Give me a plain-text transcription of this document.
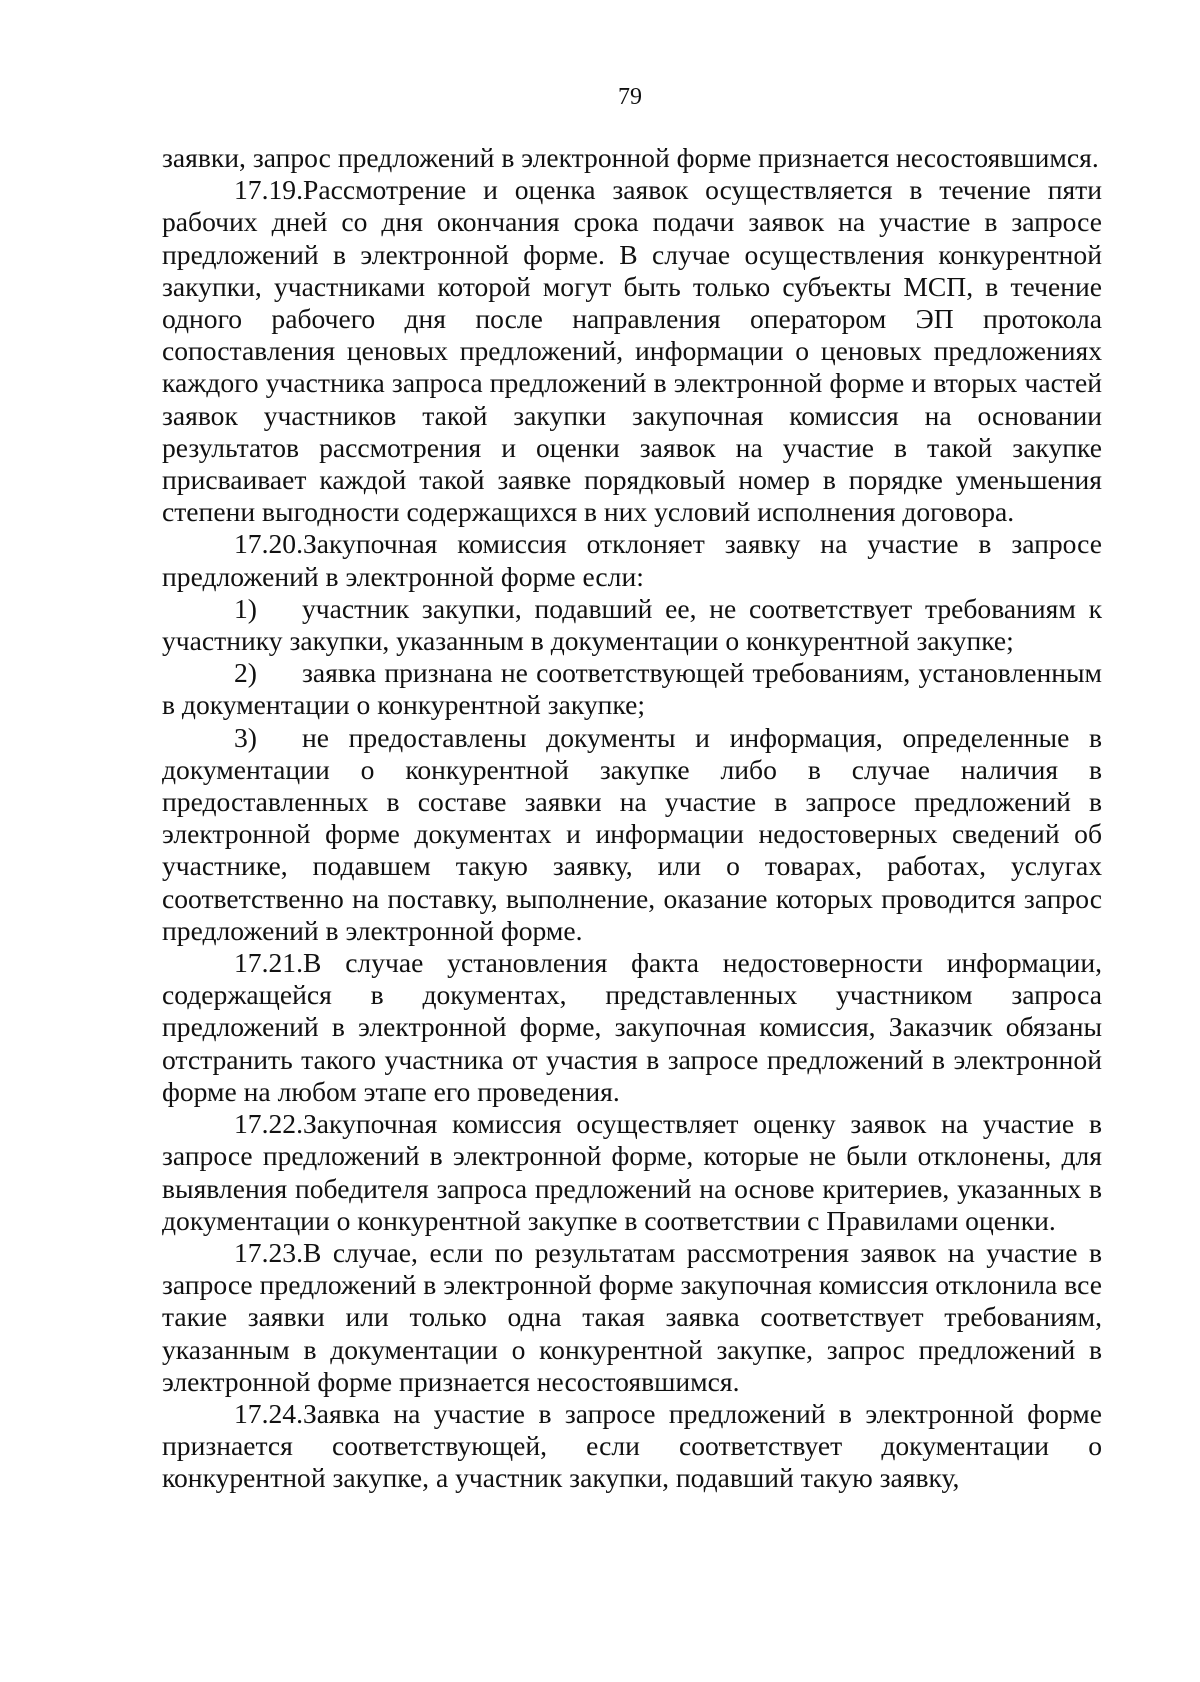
79

заявки, запрос предложений в электронной форме признается несостоявшимся.

17.19.Рассмотрение и оценка заявок осуществляется в течение пяти рабочих дней со дня окончания срока подачи заявок на участие в запросе предложений в электронной форме. В случае осуществления конкурентной закупки, участниками которой могут быть только субъекты МСП, в течение одного рабочего дня после направления оператором ЭП протокола сопоставления ценовых предложений, информации о ценовых предложениях каждого участника запроса предложений в электронной форме и вторых частей заявок участников такой закупки закупочная комиссия на основании результатов рассмотрения и оценки заявок на участие в такой закупке присваивает каждой такой заявке порядковый номер в порядке уменьшения степени выгодности содержащихся в них условий исполнения договора.

17.20.Закупочная комиссия отклоняет заявку на участие в запросе предложений в электронной форме если:

1) участник закупки, подавший ее, не соответствует требованиям к участнику закупки, указанным в документации о конкурентной закупке;

2) заявка признана не соответствующей требованиям, установленным в документации о конкурентной закупке;

3) не предоставлены документы и информация, определенные в документации о конкурентной закупке либо в случае наличия в предоставленных в составе заявки на участие в запросе предложений в электронной форме документах и информации недостоверных сведений об участнике, подавшем такую заявку, или о товарах, работах, услугах соответственно на поставку, выполнение, оказание которых проводится запрос предложений в электронной форме.

17.21.В случае установления факта недостоверности информации, содержащейся в документах, представленных участником запроса предложений в электронной форме, закупочная комиссия, Заказчик обязаны отстранить такого участника от участия в запросе предложений в электронной форме на любом этапе его проведения.

17.22.Закупочная комиссия осуществляет оценку заявок на участие в запросе предложений в электронной форме, которые не были отклонены, для выявления победителя запроса предложений на основе критериев, указанных в документации о конкурентной закупке в соответствии с Правилами оценки.

17.23.В случае, если по результатам рассмотрения заявок на участие в запросе предложений в электронной форме закупочная комиссия отклонила все такие заявки или только одна такая заявка соответствует требованиям, указанным в документации о конкурентной закупке, запрос предложений в электронной форме признается несостоявшимся.

17.24.Заявка на участие в запросе предложений в электронной форме признается соответствующей, если соответствует документации о конкурентной закупке, а участник закупки, подавший такую заявку,
